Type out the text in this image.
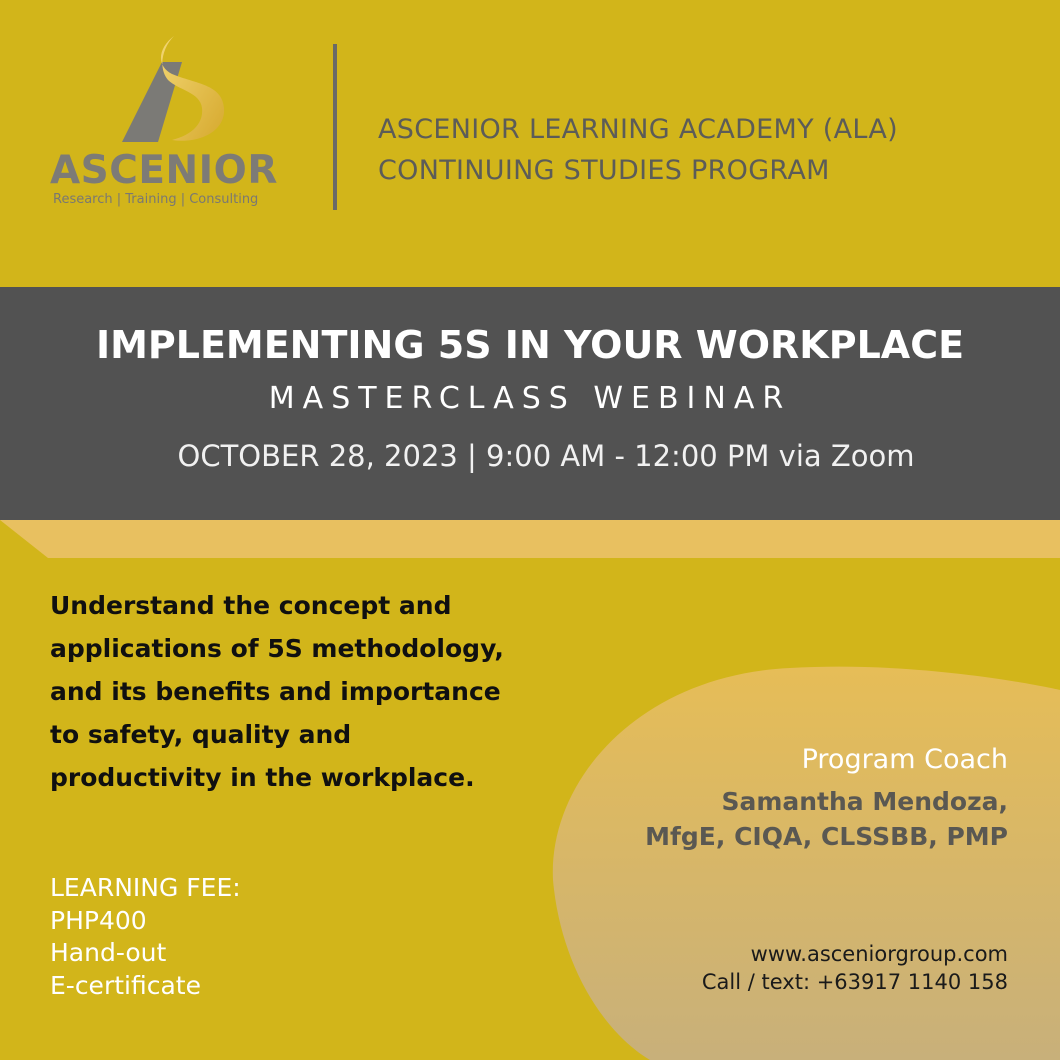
ASCENIOR
Research | Training | Consulting
ASCENIOR LEARNING ACADEMY (ALA)
CONTINUING STUDIES PROGRAM
IMPLEMENTING 5S IN YOUR WORKPLACE
MASTERCLASS WEBINAR
OCTOBER 28, 2023 | 9:00 AM - 12:00 PM via Zoom
Understand the concept and applications of 5S methodology, and its benefits and importance to safety, quality and productivity in the workplace.
LEARNING FEE:
PHP400
Hand-out
E-certificate
Program Coach
Samantha Mendoza,
MfgE, CIQA, CLSSBB, PMP
www.asceniorgroup.com
Call / text: +63917 1140 158
